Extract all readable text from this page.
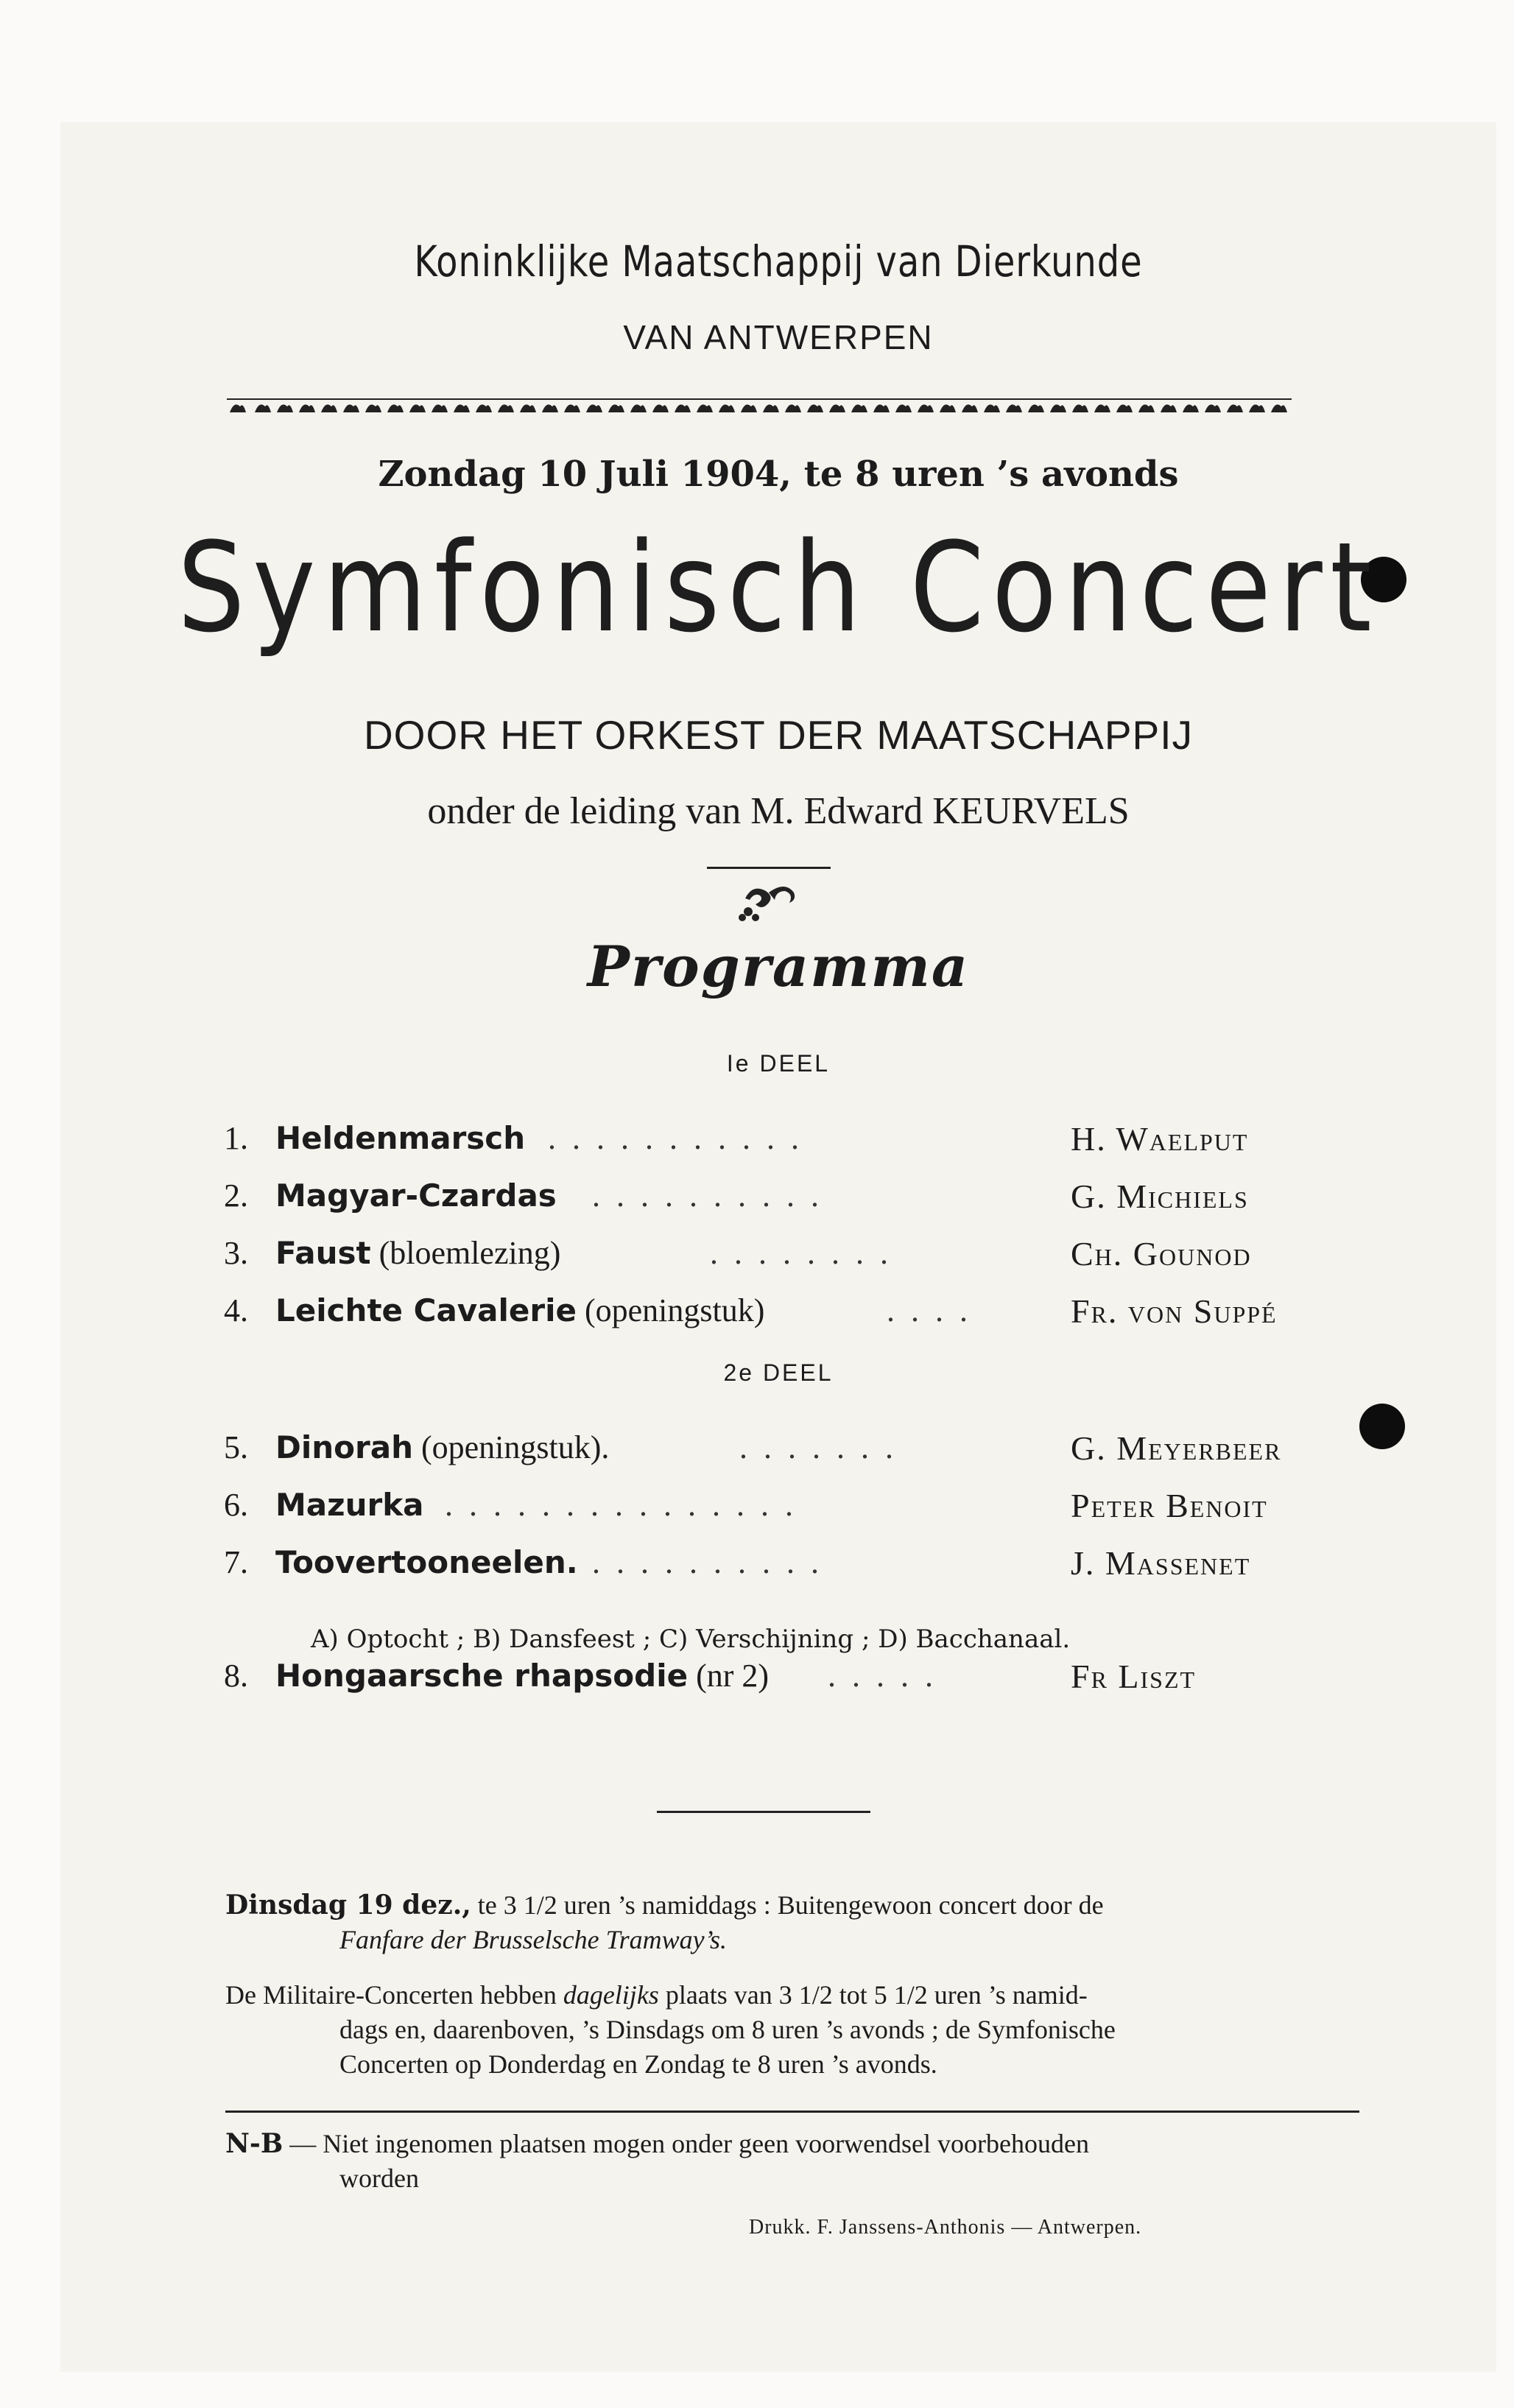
Koninklijke Maatschappij van Dierkunde
VAN ANTWERPEN
Zondag 10 Juli 1904, te 8 uren ’s avonds
Symfonisch Concert
DOOR HET ORKEST DER MAATSCHAPPIJ
onder de leiding van M. Edward KEURVELS
Programma
Ie DEEL
1. Heldenmarsch ...........	H. Waelput
2. Magyar-Czardas ..........	G. Michiels
3. Faust (bloemlezing)	........	Ch. Gounod
4. Leichte Cavalerie (openingstuk)	....	Fr. von Suppé
2e DEEL
5. Dinorah (openingstuk).	.......	G. Meyerbeer
6. Mazurka ...............	Peter Benoit
7. Toovertooneelen. ..........	J. Massenet
A) Optocht ; B) Dansfeest ; C) Verschijning ; D) Bacchanaal.
8. Hongaarsche rhapsodie (nr 2) .....	Fr Liszt
Dinsdag 19 dez., te 3 1/2 uren ’s namiddags : Buitengewoon concert door de
Fanfare der Brusselsche Tramway’s.
De Militaire-Concerten hebben dagelijks plaats van 3 1/2 tot 5 1/2 uren ’s namid-
dags en, daarenboven, ’s Dinsdags om 8 uren ’s avonds ; de Symfonische
Concerten op Donderdag en Zondag te 8 uren ’s avonds.
N-B — Niet ingenomen plaatsen mogen onder geen voorwendsel voorbehouden
worden
Drukk. F. Janssens-Anthonis — Antwerpen.
